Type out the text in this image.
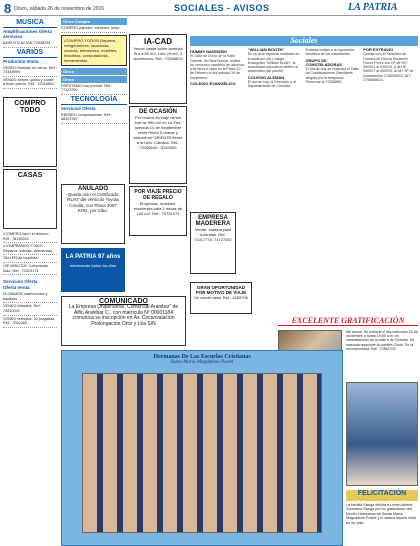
8 Oruro, sábado 26 de noviembre de 2016	SOCIALES - AVISOS	LA PATRIA
MÚSICA
Amplificaciones Oferta servicios
AMPLIFICACIÓN 73348794
VARIOS
Productos Venta
VENDO Maniquí en venta. Ref.: 72448959
VENDO ánfora, gatos y cordel a buen precio. Ref.: 72316601
COMPRO TODO
CASAS
¡COMPRO lote!! el término. Ref.: 78130001
¡COMPRAMOS TODO! Reparos, estufas, televisores.
TALLER de muebles.
¡SE MINUTO!! Comprando todo. Ref.: 72319174
Servicios Oferta
Oferta Venta
FILMAMOS matrimonios y bautizos
VENDO televisor. Ref.: 72810001
VENDO televisor, 32 pulgadas. Ref.: 7261065
Otros Compra
COMPRO papeles, cartones, yeso.
¡COMPRO TODO!!! Reparos, refrigeradores, lavadoras, cocinas, televisores, muebles, bicicletas, computadoras, herramientas.
Otros
Otros
PRÉSTAMO con prenda. Ref.: 77117250
TECNOLOGÍA
Servicios Oferta
REPARO computadoras. Ref.: 68157397
ANULADO
Queda nulo el Certificado RUAT del vehículo Toyota Corolla, con Placa 3007 KHG, por robo.
LA PATRIA 97 años
Informando todos los días
COMUNICADO
La Empresa Unipersonal “Comercial Aranibar” de Alfio Aranibar C., con matrícula Nº 00001184 comunica su inscripción en Av. Circunvalación Prolongación Ortiz y Lira S/N
IA-CAD
Vendo casas sobre avenida Sur a 55 m2. Lote 20 m2, 3 dormitorios. Ref.: 72596623
DE OCASIÓN
Por motivo de viaje vendo lote de 990 m2 en La Paz, avenida 14 de Septiembre entre Pedro Echavar y Alamos en ORIENTE frente a la Univ. Católica. Ref.: 72490649 - 5242520
POR VIAJE PRECIO DE REGALO
Empresas, muebles, excelentes sala 2 fresas de 100 m2. Ref.: 70701974
EMPRESA MADERERA
Vende: madera para viviendas. Ref.: 71017778, 71727267
GRAN OPORTUNIDAD POR MOTIVO DE VIAJE
Se vende casa. Ref.: 4259706
Sociales
HUMMY NAVIDEÑO
El Gato de Oruro de la Salle Oriente, del Nivel Inicial, realiza un concurso navideño de adornos y se lleva a cabo en la Plaza 10 de Febrero el día sábado 26 de noviembre.
COLEGIO EVANGÉLICO “WILLIAM BOOTH”
En su acto especial realizado en el auditorio del Colegio Evangélico “William Booth”, la comunidad educativa celebró el aniversario del plantel.
COLEGIO ALEMÁN
El día de hoy, la Dirección y el Departamento de Ciencias Exactas invitan a la exposición científica de los estudiantes.
GRUPO DE CONSTELADORAS
El día de hoy se realizará el Taller de Constelaciones Familiares dirigido por la terapeuta. Reservas al 72365880.
POR EXTRAVÍO
Queda nulo el Talonario de Factura de Reyna Elizabeth Flores Pérez con Nº de NIT: 000001 al 000016, y del Nº 050007 al 050019, al NIT Nº de Autorización 2756558011 NIT 2756558011.
EXCELENTE GRATIFICACIÓN
Me busca. Se extravió el día miércoles 23 de noviembre a horas 19:00 a.m. en inmediaciones de la calle 6 de Octubre. Mi mascota responde al nombre Chubi. Se la recompensará. Ref.: 72862700.
Hermanas De Las Escuelas Cristianas
Santa María Magdalena Postel
FELICITACIÓN
La familia Sanga felicita a Lineth Arlene Gonzales Sanga por su graduación del Kinder Hermanas de Santa María Magdalena Postel y le desea mucho éxito en su vida.
